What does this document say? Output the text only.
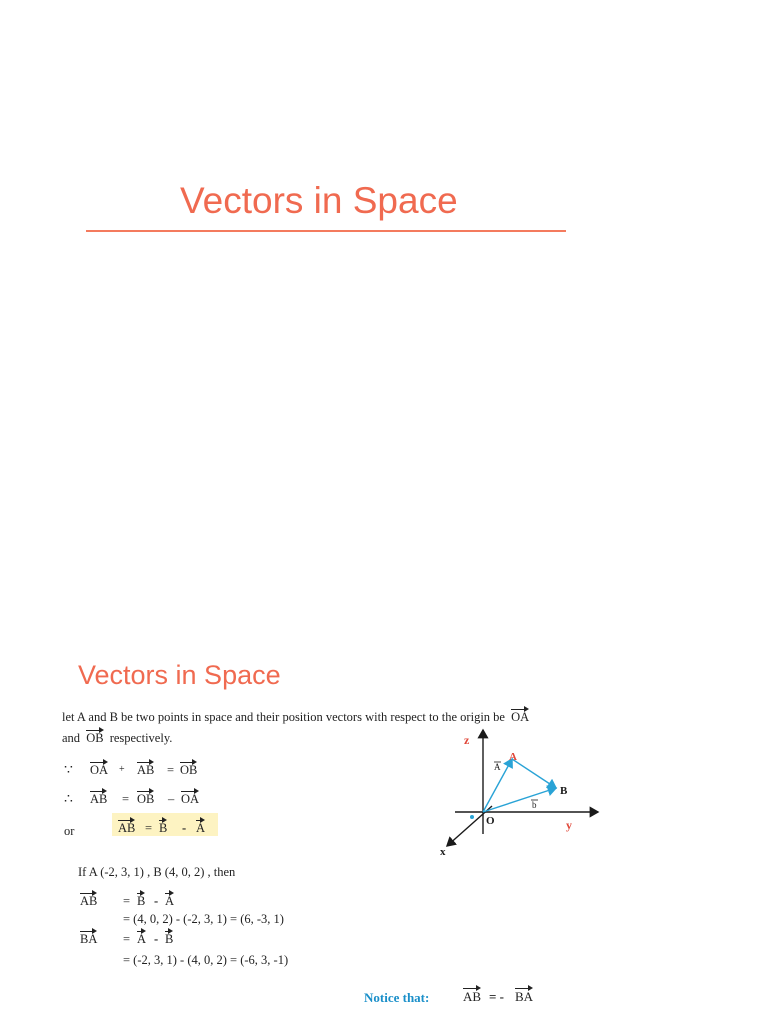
Vectors in Space
Vectors in Space
let A and B be two points in space and their position vectors with respect to the origin be OA
and OB respectively.
∵ OA + AB = OB
∴ AB = OB – OA
or	AB = B - A
If A (-2, 3, 1) , B (4, 0, 2) , then
AB = B - A
= (4, 0, 2) - (-2, 3, 1) = (6, -3, 1)
BA = A - B
= (-2, 3, 1) - (4, 0, 2) = (-6, 3, -1)
Notice that:	AB = - BA
z
y
x
O
A
B
A
b
